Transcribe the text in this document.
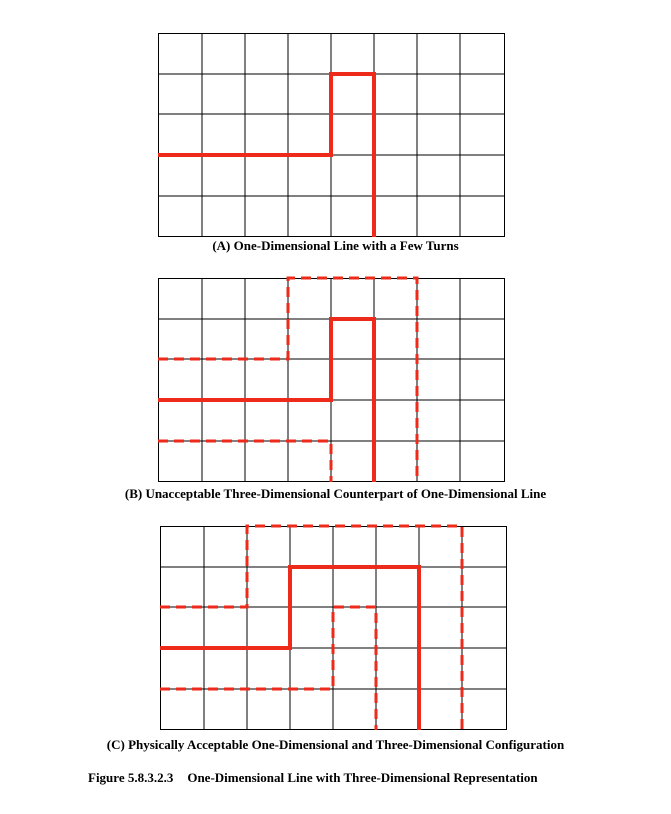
(A) One-Dimensional Line with a Few Turns
(B) Unacceptable Three-Dimensional Counterpart of One-Dimensional Line
(C) Physically Acceptable One-Dimensional and Three-Dimensional Configuration
Figure 5.8.3.2.3 One-Dimensional Line with Three-Dimensional Representation
